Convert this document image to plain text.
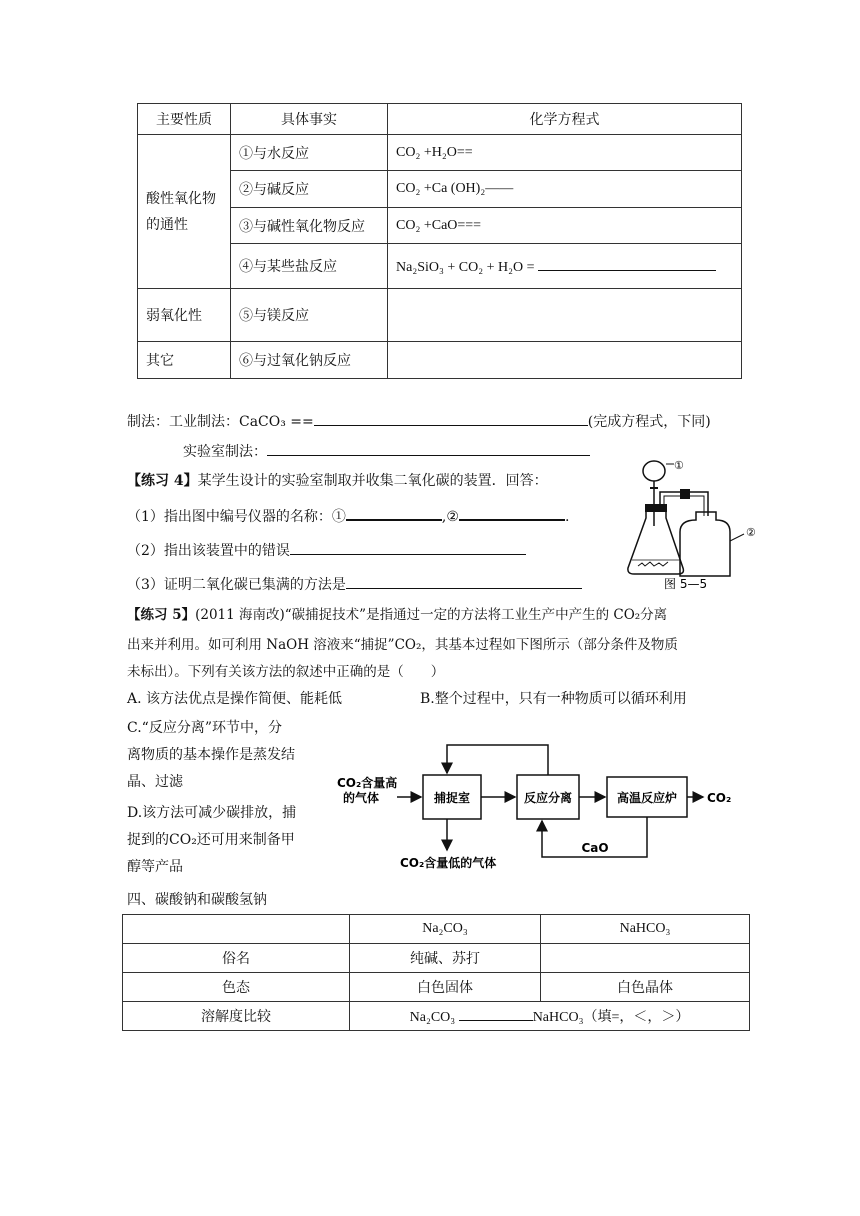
主要性质	具体事实	化学方程式
酸性氧化物的通性	①与水反应	CO₂ +H₂O==
	②与碱反应	CO₂ +Ca (OH)₂——
	③与碱性氧化物反应	CO₂ +CaO===
	④与某些盐反应	Na₂SiO₃ + CO₂ + H₂O =
弱氧化性	⑤与镁反应	
其它	⑥与过氧化钠反应	
制法：工业制法：CaCO₃ ==	(完成方程式，下同)
实验室制法：
【练习 4】某学生设计的实验室制取并收集二氧化碳的装置．回答：
（1）指出图中编号仪器的名称：①	,②	.
（2）指出该装置中的错误
（3）证明二氧化碳已集满的方法是
①
②
图 5—5
【练习 5】(2011 海南改)“碳捕捉技术”是指通过一定的方法将工业生产中产生的 CO₂分离
出来并利用。如可利用 NaOH 溶液来“捕捉”CO₂，其基本过程如下图所示（部分条件及物质
未标出）。下列有关该方法的叙述中正确的是（　　）
A. 该方法优点是操作简便、能耗低	B.整个过程中，只有一种物质可以循环利用
C.“反应分离”环节中，分
离物质的基本操作是蒸发结
晶、过滤
D.该方法可减少碳排放，捕
捉到的CO₂还可用来制备甲
醇等产品
CO₂含量高
的气体	捕捉室	反应分离	高温反应炉 CO₂
CaO
CO₂含量低的气体
四、碳酸钠和碳酸氢钠
	Na₂CO₃	NaHCO₃
俗名	纯碱、苏打	
色态	白色固体	白色晶体
溶解度比较	Na₂CO₃ NaHCO₃（填=，＜，＞）	
